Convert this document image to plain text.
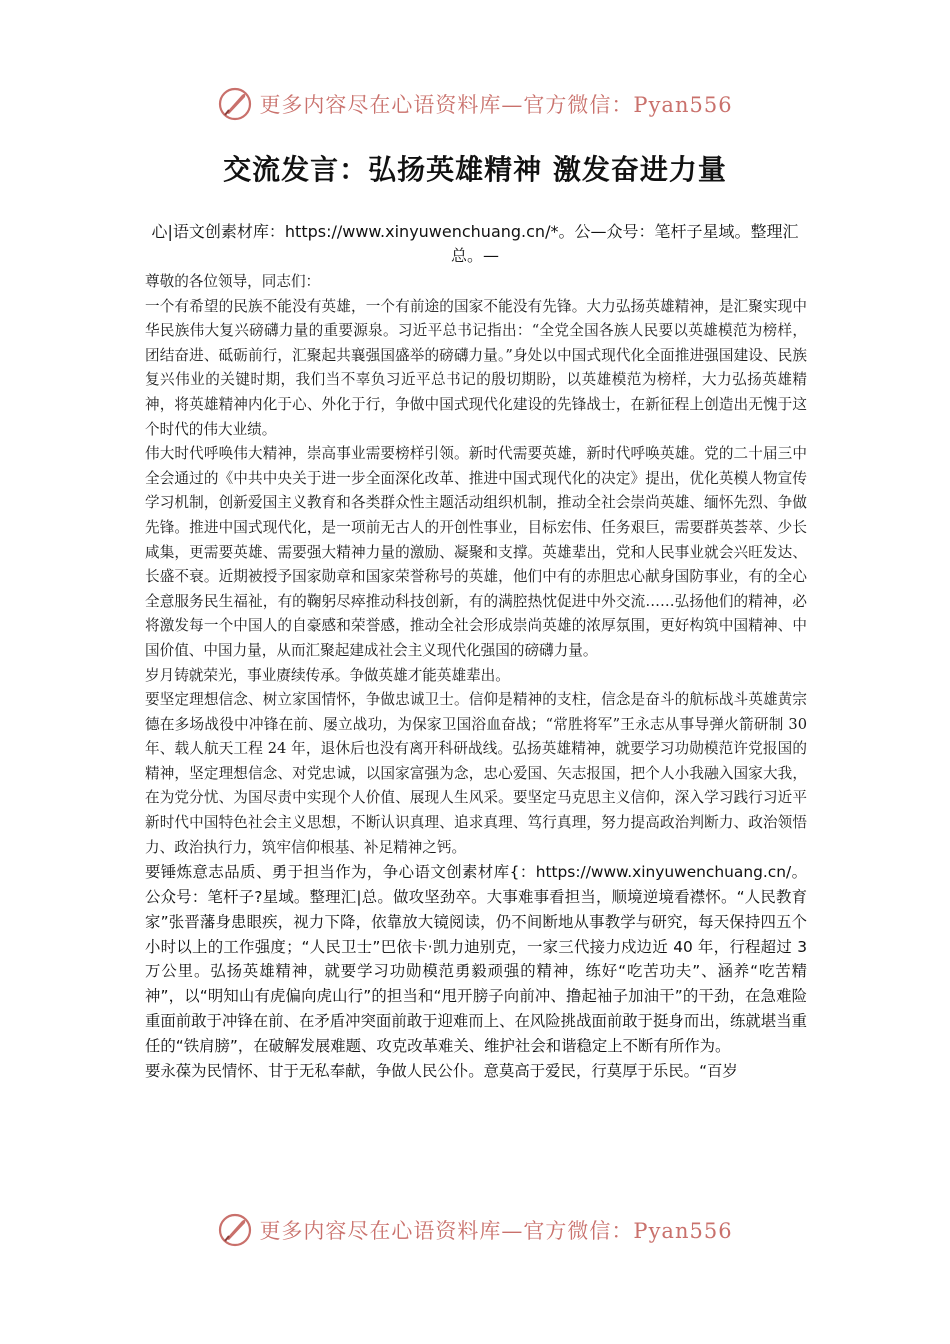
更多内容尽在心语资料库—官方微信：Pyan556
交流发言：弘扬英雄精神 激发奋进力量
心|语文创素材库：https://www.xinyuwenchuang.cn/*。公—众号：笔杆子星域。整理汇总。—

尊敬的各位领导，同志们：

一个有希望的民族不能没有英雄，一个有前途的国家不能没有先锋。大力弘扬英雄精神，是汇聚实现中华民族伟大复兴磅礴力量的重要源泉。习近平总书记指出：“全党全国各族人民要以英雄模范为榜样，团结奋进、砥砺前行，汇聚起共襄强国盛举的磅礴力量。”身处以中国式现代化全面推进强国建设、民族复兴伟业的关键时期，我们当不辜负习近平总书记的殷切期盼，以英雄模范为榜样，大力弘扬英雄精神，将英雄精神内化于心、外化于行，争做中国式现代化建设的先锋战士，在新征程上创造出无愧于这个时代的伟大业绩。

伟大时代呼唤伟大精神，崇高事业需要榜样引领。新时代需要英雄，新时代呼唤英雄。党的二十届三中全会通过的《中共中央关于进一步全面深化改革、推进中国式现代化的决定》提出，优化英模人物宣传学习机制，创新爱国主义教育和各类群众性主题活动组织机制，推动全社会崇尚英雄、缅怀先烈、争做先锋。推进中国式现代化，是一项前无古人的开创性事业，目标宏伟、任务艰巨，需要群英荟萃、少长咸集，更需要英雄、需要强大精神力量的激励、凝聚和支撑。英雄辈出，党和人民事业就会兴旺发达、长盛不衰。近期被授予国家勋章和国家荣誉称号的英雄，他们中有的赤胆忠心献身国防事业，有的全心全意服务民生福祉，有的鞠躬尽瘁推动科技创新，有的满腔热忱促进中外交流……弘扬他们的精神，必将激发每一个中国人的自豪感和荣誉感，推动全社会形成崇尚英雄的浓厚氛围，更好构筑中国精神、中国价值、中国力量，从而汇聚起建成社会主义现代化强国的磅礴力量。

岁月铸就荣光，事业赓续传承。争做英雄才能英雄辈出。

要坚定理想信念、树立家国情怀，争做忠诚卫士。信仰是精神的支柱，信念是奋斗的航标战斗英雄黄宗德在多场战役中冲锋在前、屡立战功，为保家卫国浴血奋战；“常胜将军”王永志从事导弹火箭研制 30 年、载人航天工程 24 年，退休后也没有离开科研战线。弘扬英雄精神，就要学习功勋模范许党报国的精神，坚定理想信念、对党忠诚，以国家富强为念，忠心爱国、矢志报国，把个人小我融入国家大我，在为党分忧、为国尽责中实现个人价值、展现人生风采。要坚定马克思主义信仰，深入学习践行习近平新时代中国特色社会主义思想，不断认识真理、追求真理、笃行真理，努力提高政治判断力、政治领悟力、政治执行力，筑牢信仰根基、补足精神之钙。

要锤炼意志品质、勇于担当作为，争心语文创素材库{：https://www.xinyuwenchuang.cn/。公众号：笔杆子?星域。整理汇|总。做攻坚劲卒。大事难事看担当，顺境逆境看襟怀。“人民教育家”张晋藩身患眼疾，视力下降，依靠放大镜阅读，仍不间断地从事教学与研究，每天保持四五个小时以上的工作强度；“人民卫士”巴依卡·凯力迪别克，一家三代接力戍边近 40 年，行程超过 3 万公里。弘扬英雄精神，就要学习功勋模范勇毅顽强的精神，练好“吃苦功夫”、涵养“吃苦精神”，以“明知山有虎偏向虎山行”的担当和“甩开膀子向前冲、撸起袖子加油干”的干劲，在急难险重面前敢于冲锋在前、在矛盾冲突面前敢于迎难而上、在风险挑战面前敢于挺身而出，练就堪当重任的“铁肩膀”，在破解发展难题、攻克改革难关、维护社会和谐稳定上不断有所作为。

要永葆为民情怀、甘于无私奉献，争做人民公仆。意莫高于爱民，行莫厚于乐民。“百岁

更多内容尽在心语资料库—官方微信：Pyan556
